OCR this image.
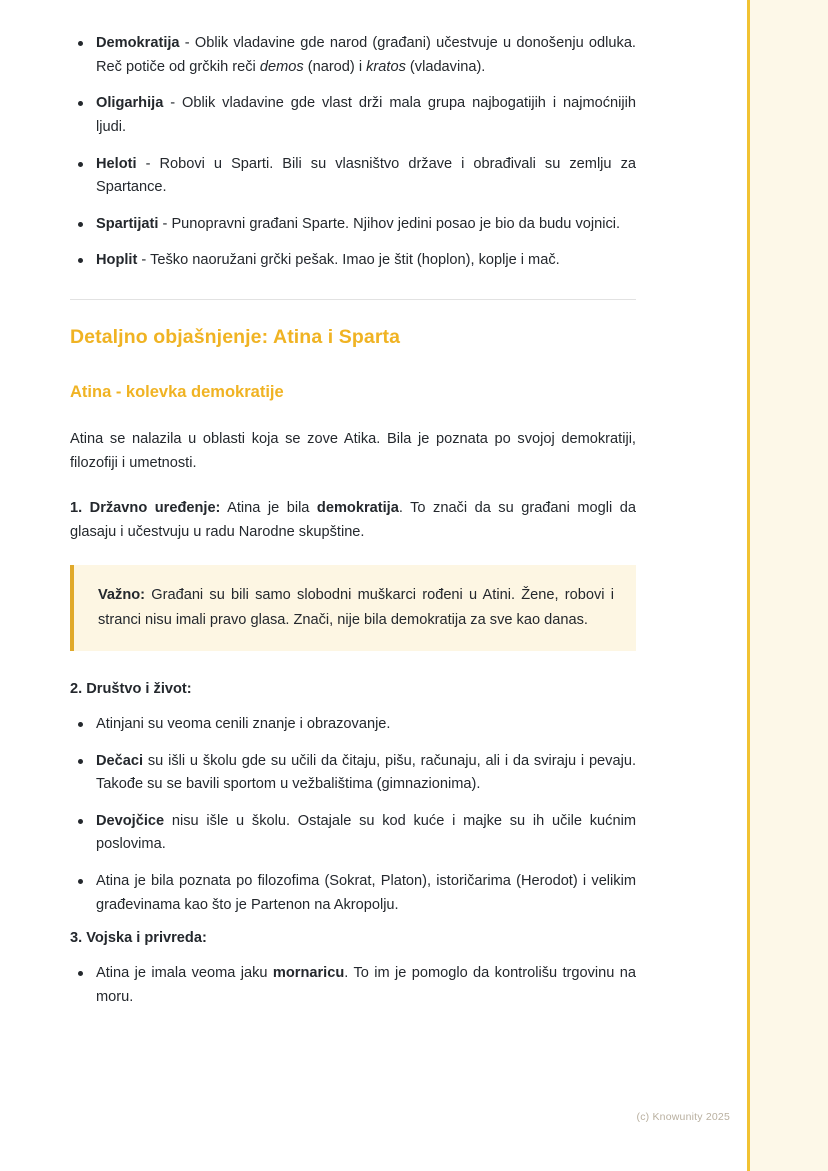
Demokratija - Oblik vladavine gde narod (građani) učestvuje u donošenju odluka. Reč potiče od grčkih reči demos (narod) i kratos (vladavina).
Oligarhija - Oblik vladavine gde vlast drži mala grupa najbogatijih i najmoćnijih ljudi.
Heloti - Robovi u Sparti. Bili su vlasništvo države i obrađivali su zemlju za Spartance.
Spartijati - Punopravni građani Sparte. Njihov jedini posao je bio da budu vojnici.
Hoplit - Teško naoružani grčki pešak. Imao je štit (hoplon), koplje i mač.
Detaljno objašnjenje: Atina i Sparta
Atina - kolevka demokratije

Atina se nalazila u oblasti koja se zove Atika. Bila je poznata po svojoj demokratiji, filozofiji i umetnosti.

1. Državno uređenje: Atina je bila demokratija. To znači da su građani mogli da glasaju i učestvuju u radu Narodne skupštine.

Važno: Građani su bili samo slobodni muškarci rođeni u Atini. Žene, robovi i stranci nisu imali pravo glasa. Znači, nije bila demokratija za sve kao danas.

2. Društvo i život:
Atinjani su veoma cenili znanje i obrazovanje.
Dečaci su išli u školu gde su učili da čitaju, pišu, računaju, ali i da sviraju i pevaju. Takođe su se bavili sportom u vežbalištima (gimnazionima).
Devojčice nisu išle u školu. Ostajale su kod kuće i majke su ih učile kućnim poslovima.
Atina je bila poznata po filozofima (Sokrat, Platon), istoričarima (Herodot) i velikim građevinama kao što je Partenon na Akropolju.
3. Vojska i privreda:
Atina je imala veoma jaku mornaricu. To im je pomoglo da kontrolišu trgovinu na moru.
(c) Knowunity 2025
